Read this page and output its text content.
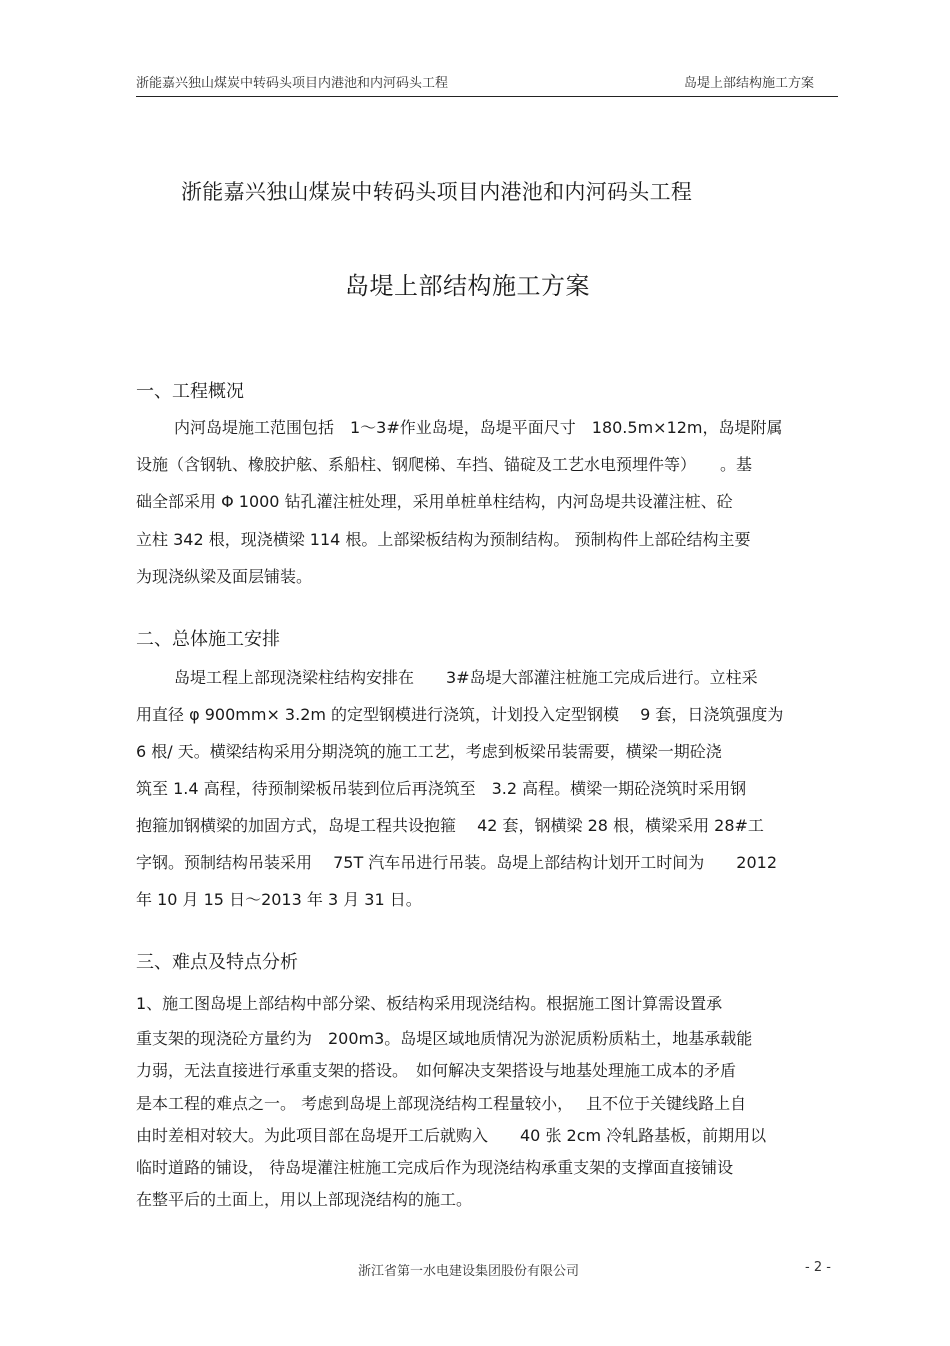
浙能嘉兴独山煤炭中转码头项目内港池和内河码头工程	岛堤上部结构施工方案
浙能嘉兴独山煤炭中转码头项目内港池和内河码头工程
岛堤上部结构施工方案
一、工程概况
内河岛堤施工范围包括　1～3#作业岛堤，岛堤平面尺寸　180.5m×12m，岛堤附属
设施（含钢轨、橡胶护舷、系船柱、钢爬梯、车挡、锚碇及工艺水电预埋件等）　　。基
础全部采用 Φ 1000 钻孔灌注桩处理，采用单桩单柱结构，内河岛堤共设灌注桩、砼
立柱 342 根，现浇横梁 114 根。上部梁板结构为预制结构。 预制构件上部砼结构主要
为现浇纵梁及面层铺装。
二、总体施工安排
岛堤工程上部现浇梁柱结构安排在　　3#岛堤大部灌注桩施工完成后进行。立柱采
用直径 φ 900mm× 3.2m 的定型钢模进行浇筑，计划投入定型钢模　 9 套，日浇筑强度为
6 根/ 天。横梁结构采用分期浇筑的施工工艺，考虑到板梁吊装需要，横梁一期砼浇
筑至 1.4 高程，待预制梁板吊装到位后再浇筑至　3.2 高程。横梁一期砼浇筑时采用钢
抱箍加钢横梁的加固方式，岛堤工程共设抱箍　 42 套，钢横梁 28 根，横梁采用 28#工
字钢。预制结构吊装采用　 75T 汽车吊进行吊装。岛堤上部结构计划开工时间为　　2012
年 10 月 15 日～2013 年 3 月 31 日。
三、难点及特点分析
1、施工图岛堤上部结构中部分梁、板结构采用现浇结构。根据施工图计算需设置承
重支架的现浇砼方量约为　200m3。岛堤区域地质情况为淤泥质粉质粘土，地基承载能
力弱，无法直接进行承重支架的搭设。　如何解决支架搭设与地基处理施工成本的矛盾
是本工程的难点之一。 考虑到岛堤上部现浇结构工程量较小，　 且不位于关键线路上自
由时差相对较大。为此项目部在岛堤开工后就购入　　40 张 2cm 冷轧路基板，前期用以
临时道路的铺设， 待岛堤灌注桩施工完成后作为现浇结构承重支架的支撑面直接铺设
在整平后的土面上，用以上部现浇结构的施工。
浙江省第一水电建设集团股份有限公司	- 2 -
